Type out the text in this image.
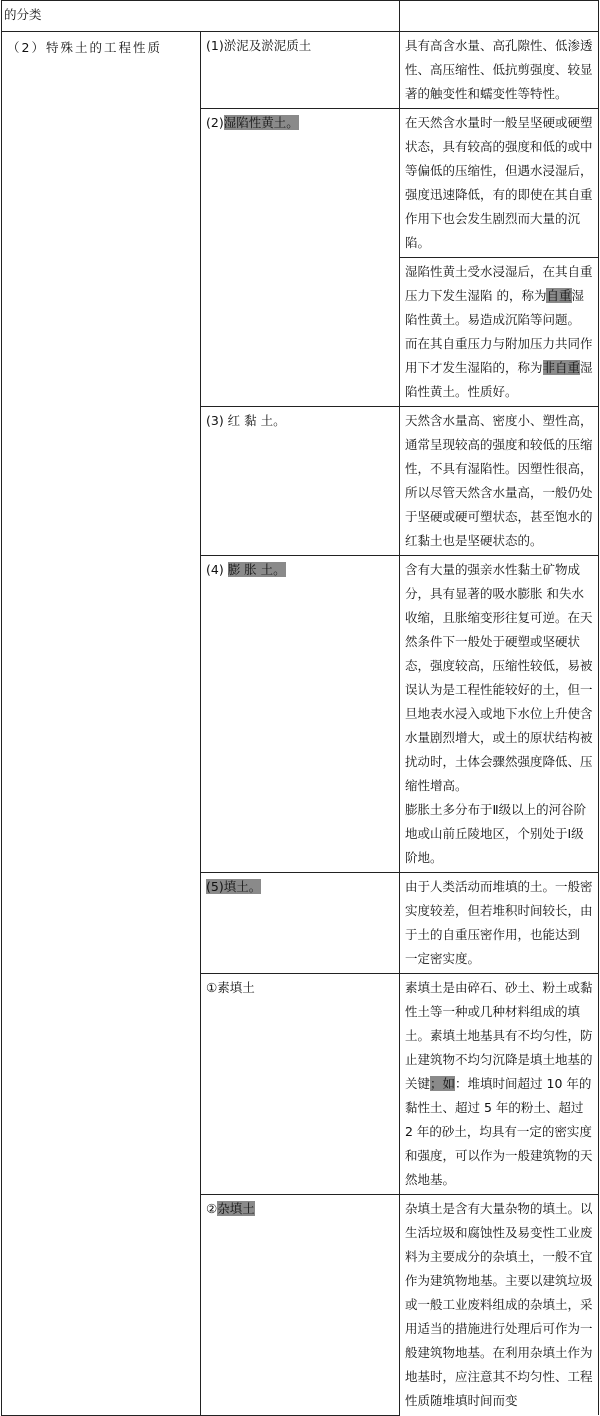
的分类		
（2）特殊土的工程性质	(1)淤泥及淤泥质土	具有高含水量、高孔隙性、低渗透性、高压缩性、低抗剪强度、较显著的触变性和蠕变性等特性。

	(2)湿陷性黄土。	在天然含水量时一般呈坚硬或硬塑状态，具有较高的强度和低的或中等偏低的压缩性，但遇水浸湿后，强度迅速降低，有的即使在其自重作用下也会发生剧烈而大量的沉陷。

		湿陷性黄土受水浸湿后，在其自重压力下发生湿陷 的，称为自重湿陷性黄土。易造成沉陷等问题。

而在其自重压力与附加压力共同作用下才发生湿陷的，称为非自重湿陷性黄土。性质好。

	(3) 红 黏 土。	天然含水量高、密度小、塑性高，通常呈现较高的强度和较低的压缩性，不具有湿陷性。因塑性很高，所以尽管天然含水量高，一般仍处于坚硬或硬可塑状态，甚至饱水的红黏土也是坚硬状态的。

	(4) 膨 胀 土。	含有大量的强亲水性黏土矿物成分，具有显著的吸水膨胀 和失水收缩，且胀缩变形往复可逆。在天然条件下一般处于硬塑或坚硬状态，强度较高，压缩性较低，易被误认为是工程性能较好的土，但一旦地表水浸入或地下水位上升使含水量剧烈增大，或土的原状结构被扰动时，土体会骤然强度降低、压缩性增高。

膨胀土多分布于Ⅱ级以上的河谷阶地或山前丘陵地区，个别处于Ⅰ级阶地。

	(5)填土。	由于人类活动而堆填的土。一般密实度较差，但若堆积时间较长，由于土的自重压密作用，也能达到 一定密实度。

	①素填土	素填土是由碎石、砂土、粉土或黏性土等一种或几种材料组成的填土。素填土地基具有不均匀性，防止建筑物不均匀沉降是填土地基的关键；如：堆填时间超过 10 年的黏性土、超过 5 年的粉土、超过 2 年的砂土，均具有一定的密实度和强度，可以作为一般建筑物的天然地基。

	②杂填土	杂填土是含有大量杂物的填土。以生活垃圾和腐蚀性及易变性工业废料为主要成分的杂填土，一般不宜作为建筑物地基。主要以建筑垃圾或一般工业废料组成的杂填土，采用适当的措施进行处理后可作为一般建筑物地基。在利用杂填土作为地基时，应注意其不均匀性、工程性质随堆填时间而变
